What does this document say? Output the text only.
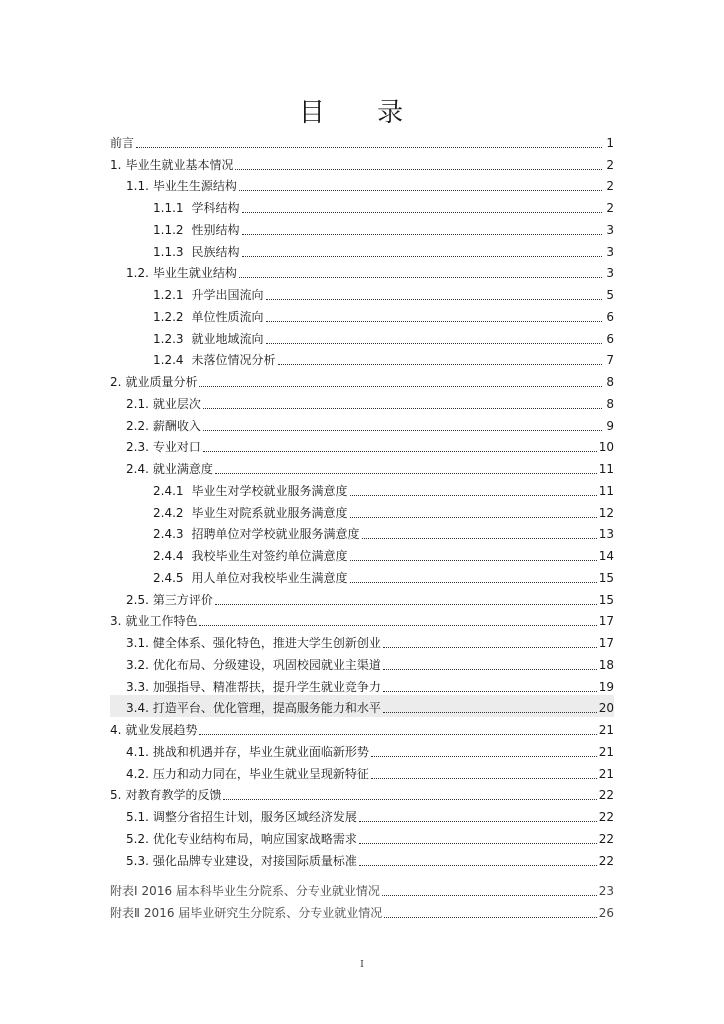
目 录
前言	1
1. 毕业生就业基本情况	2
1.1. 毕业生生源结构	2
1.1.1 学科结构	2
1.1.2 性别结构	3
1.1.3 民族结构	3
1.2. 毕业生就业结构	3
1.2.1 升学出国流向	5
1.2.2 单位性质流向	6
1.2.3 就业地域流向	6
1.2.4 未落位情况分析	7
2. 就业质量分析	8
2.1. 就业层次	8
2.2. 薪酬收入	9
2.3. 专业对口	10
2.4. 就业满意度	11
2.4.1 毕业生对学校就业服务满意度	11
2.4.2 毕业生对院系就业服务满意度	12
2.4.3 招聘单位对学校就业服务满意度	13
2.4.4 我校毕业生对签约单位满意度	14
2.4.5 用人单位对我校毕业生满意度	15
2.5. 第三方评价	15
3. 就业工作特色	17
3.1. 健全体系、强化特色，推进大学生创新创业	17
3.2. 优化布局、分级建设，巩固校园就业主渠道	18
3.3. 加强指导、精准帮扶，提升学生就业竞争力	19
3.4. 打造平台、优化管理，提高服务能力和水平	20
4. 就业发展趋势	21
4.1. 挑战和机遇并存，毕业生就业面临新形势	21
4.2. 压力和动力同在，毕业生就业呈现新特征	21
5. 对教育教学的反馈	22
5.1. 调整分省招生计划，服务区域经济发展	22
5.2. 优化专业结构布局，响应国家战略需求	22
5.3. 强化品牌专业建设，对接国际质量标准	22
附表Ⅰ 2016 届本科毕业生分院系、分专业就业情况	23
附表Ⅱ 2016 届毕业研究生分院系、分专业就业情况	26
I
